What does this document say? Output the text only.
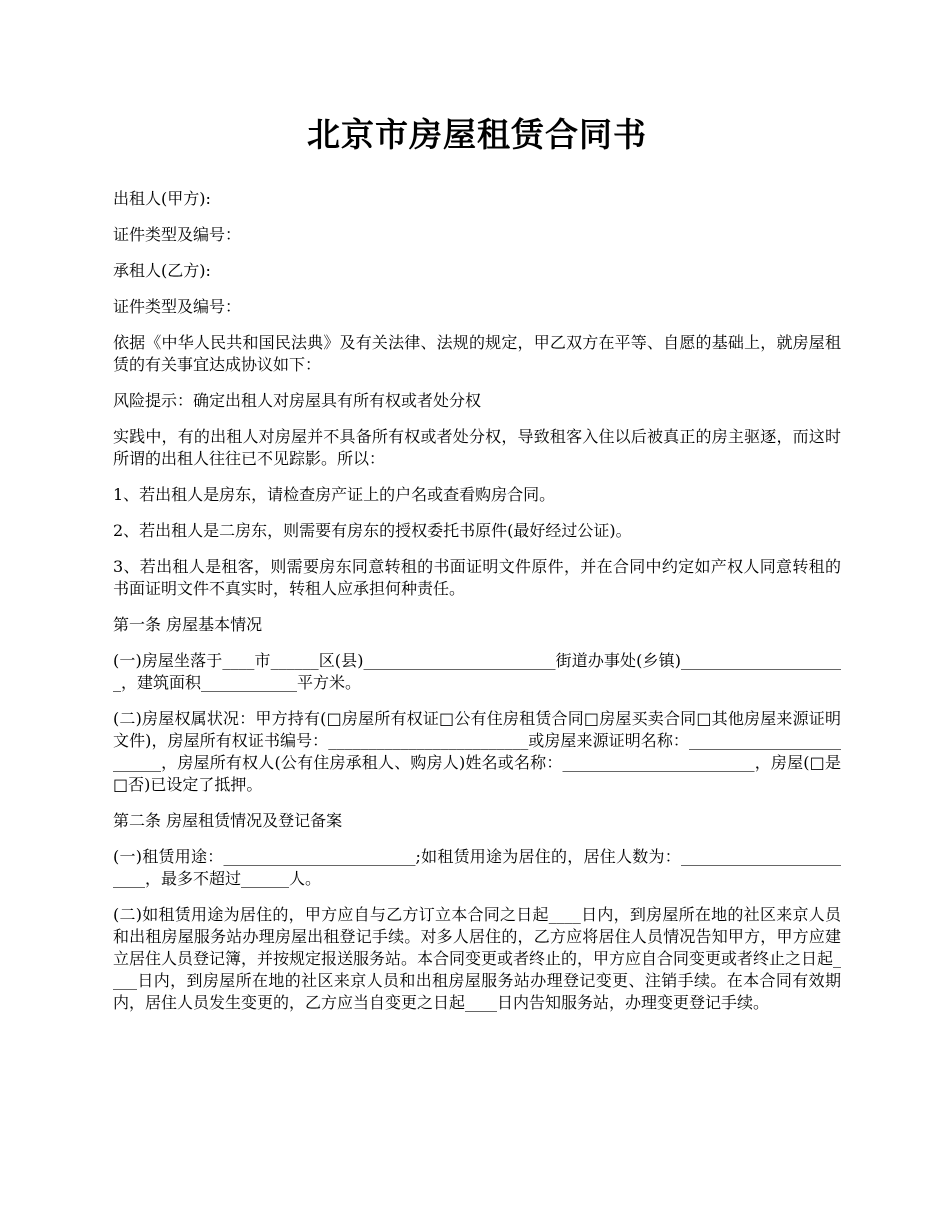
北京市房屋租赁合同书

出租人(甲方):

证件类型及编号：

承租人(乙方):

证件类型及编号：

依据《中华人民共和国民法典》及有关法律、法规的规定，甲乙双方在平等、自愿的基础上，就房屋租赁的有关事宜达成协议如下：

风险提示：确定出租人对房屋具有所有权或者处分权

实践中，有的出租人对房屋并不具备所有权或者处分权，导致租客入住以后被真正的房主驱逐，而这时所谓的出租人往往已不见踪影。所以：

1、若出租人是房东，请检查房产证上的户名或查看购房合同。

2、若出租人是二房东，则需要有房东的授权委托书原件(最好经过公证)。

3、若出租人是租客，则需要房东同意转租的书面证明文件原件，并在合同中约定如产权人同意转租的书面证明文件不真实时，转租人应承担何种责任。

第一条 房屋基本情况

(一)房屋坐落于____市______区(县)________________________街道办事处(乡镇)_____________________，建筑面积____________平方米。

(二)房屋权属状况：甲方持有(□房屋所有权证□公有住房租赁合同□房屋买卖合同□其他房屋来源证明文件)，房屋所有权证书编号：_________________________或房屋来源证明名称：_________________________，房屋所有权人(公有住房承租人、购房人)姓名或名称：________________________，房屋(□是□否)已设定了抵押。

第二条 房屋租赁情况及登记备案

(一)租赁用途：________________________;如租赁用途为居住的，居住人数为：________________________，最多不超过______人。

(二)如租赁用途为居住的，甲方应自与乙方订立本合同之日起____日内，到房屋所在地的社区来京人员和出租房屋服务站办理房屋出租登记手续。对多人居住的，乙方应将居住人员情况告知甲方，甲方应建立居住人员登记簿，并按规定报送服务站。本合同变更或者终止的，甲方应自合同变更或者终止之日起____日内，到房屋所在地的社区来京人员和出租房屋服务站办理登记变更、注销手续。在本合同有效期内，居住人员发生变更的，乙方应当自变更之日起____日内告知服务站，办理变更登记手续。
